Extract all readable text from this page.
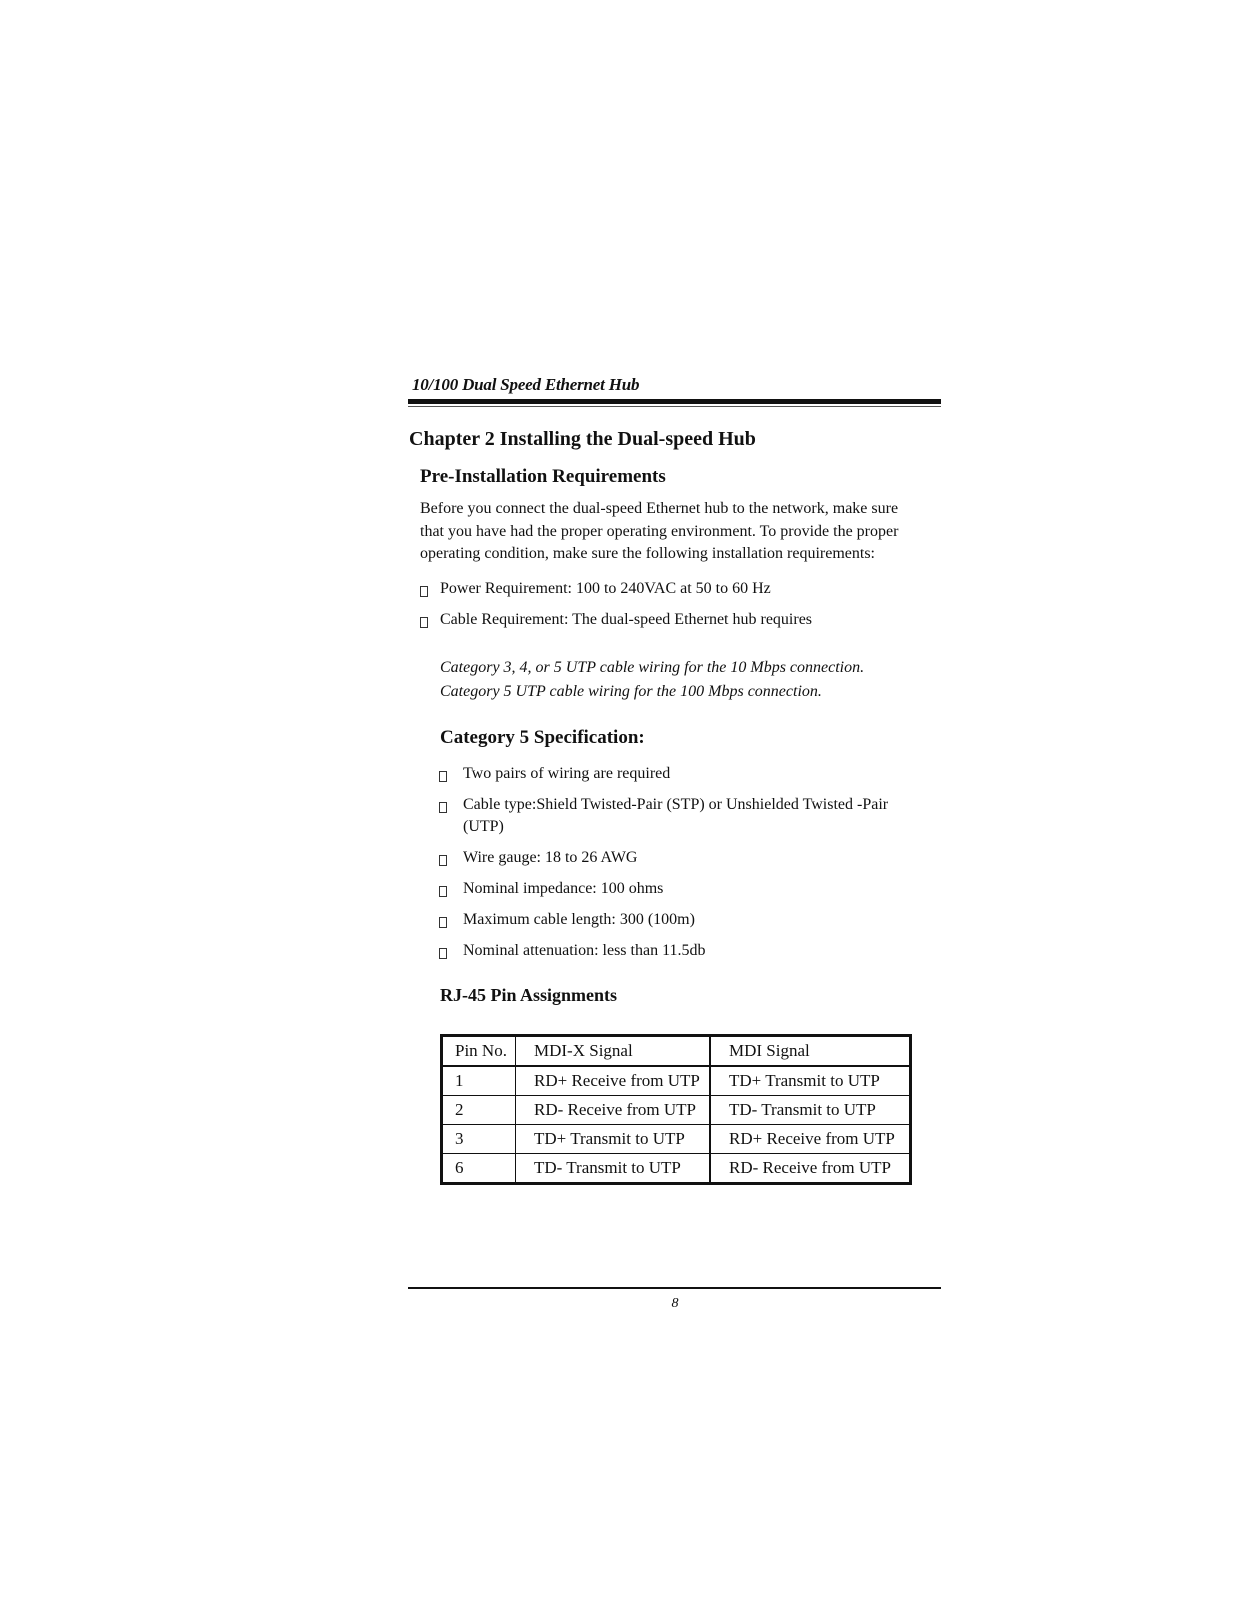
10/100 Dual Speed Ethernet Hub
Chapter 2 Installing the Dual-speed Hub
Pre-Installation Requirements

Before you connect the dual-speed Ethernet hub to the network, make sure

that you have had the proper operating environment. To provide the proper

operating condition, make sure the following installation requirements:

Power Requirement: 100 to 240VAC at 50 to 60 Hz
Cable Requirement: The dual-speed Ethernet hub requires
Category 3, 4, or 5 UTP cable wiring for the 10 Mbps connection.
Category 5 UTP cable wiring for the 100 Mbps connection.
Category 5 Specification:
Two pairs of wiring are required
Cable type:Shield Twisted-Pair (STP) or Unshielded Twisted -Pair (UTP)
Wire gauge: 18 to 26 AWG
Nominal impedance: 100 ohms
Maximum cable length: 300 (100m)
Nominal attenuation: less than 11.5db
RJ-45 Pin Assignments
Pin No.	MDI-X Signal	MDI Signal
1	RD+ Receive from UTP	TD+ Transmit to UTP
2	RD- Receive from UTP	TD- Transmit to UTP
3	TD+ Transmit to UTP	RD+ Receive from UTP
6	TD- Transmit to UTP	RD- Receive from UTP
8
